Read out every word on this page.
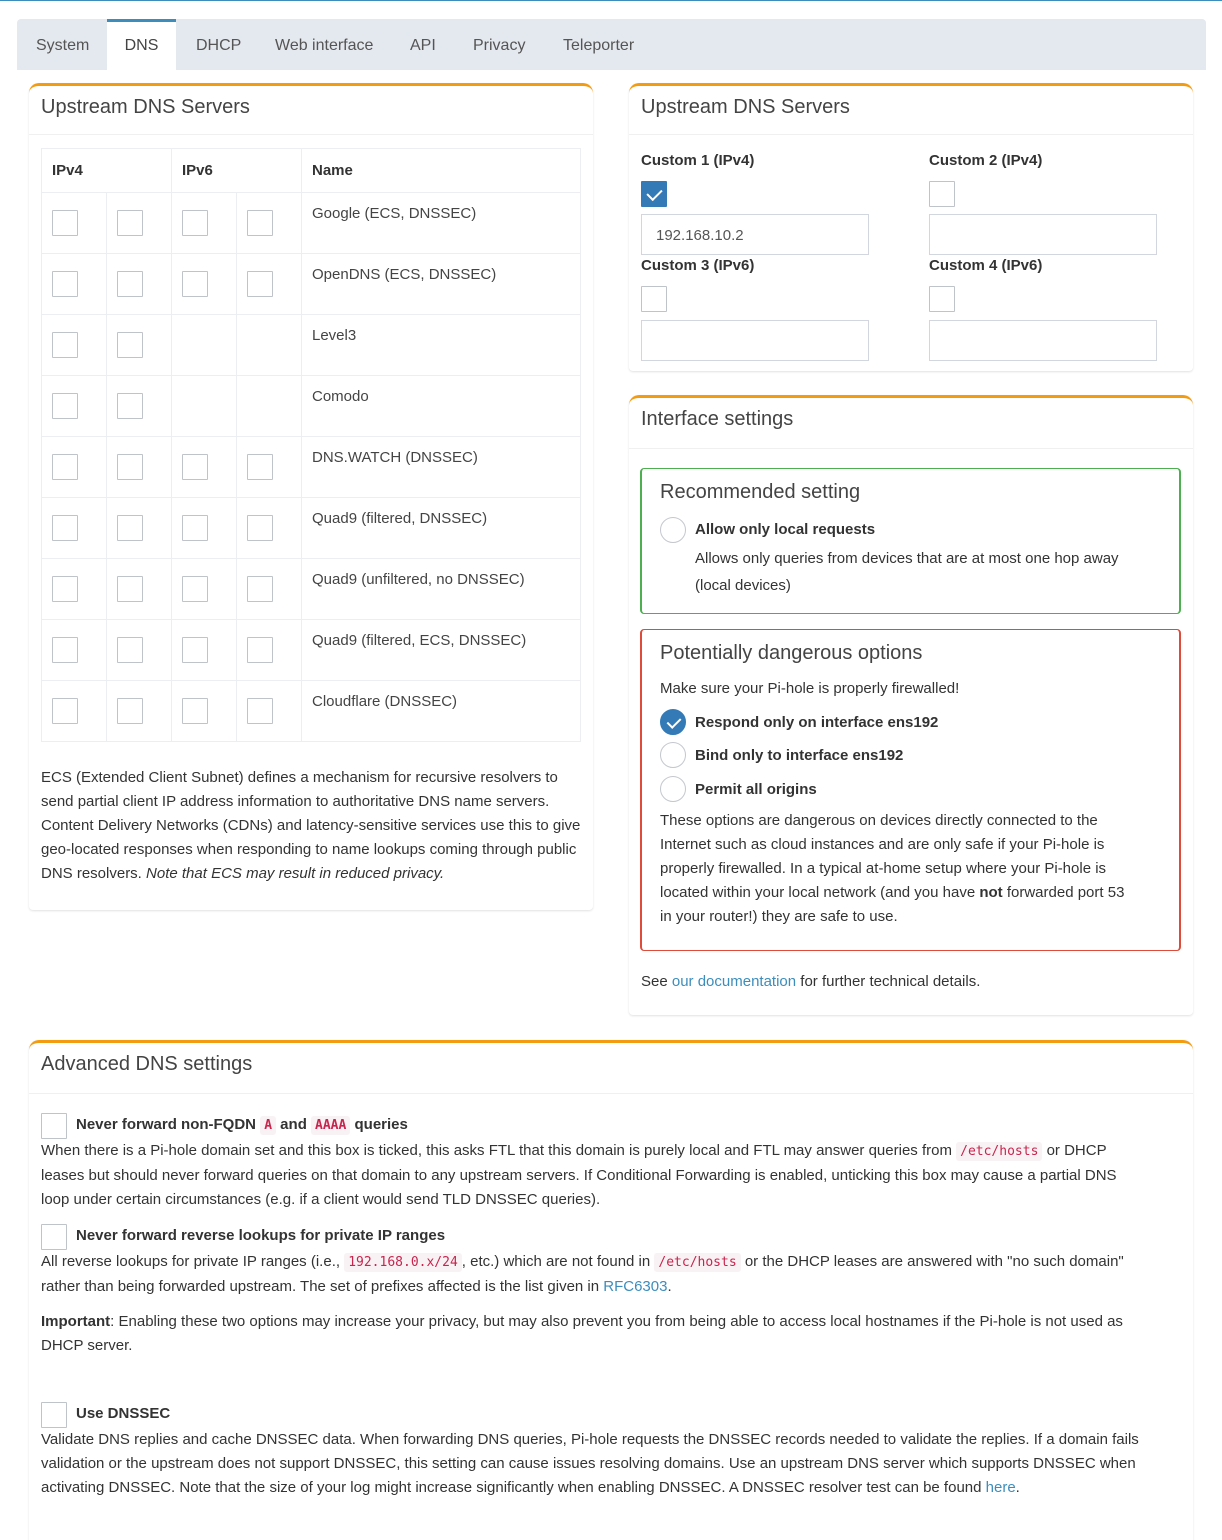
System	DNS	DHCP Web interface API Privacy Teleporter
Upstream DNS Servers
IPv4		IPv6		Name
				Google (ECS, DNSSEC)
				OpenDNS (ECS, DNSSEC)
				Level3
				Comodo
				DNS.WATCH (DNSSEC)
				Quad9 (filtered, DNSSEC)
				Quad9 (unfiltered, no DNSSEC)
				Quad9 (filtered, ECS, DNSSEC)
				Cloudflare (DNSSEC)
ECS (Extended Client Subnet) defines a mechanism for recursive resolvers to send partial client IP address information to authoritative DNS name servers. Content Delivery Networks (CDNs) and latency-sensitive services use this to give geo-located responses when responding to name lookups coming through public DNS resolvers. Note that ECS may result in reduced privacy.
Upstream DNS Servers
Custom 1 (IPv4)
192.168.10.2
Custom 2 (IPv4)
Custom 3 (IPv6)	Custom 4 (IPv6)
Interface settings
Recommended setting
Allow only local requests
Allows only queries from devices that are at most one hop away
(local devices)
Potentially dangerous options
Make sure your Pi-hole is properly firewalled!
Respond only on interface ens192
Bind only to interface ens192
Permit all origins
These options are dangerous on devices directly connected to the
Internet such as cloud instances and are only safe if your Pi-hole is
properly firewalled. In a typical at-home setup where your Pi-hole is
located within your local network (and you have not forwarded port 53
in your router!) they are safe to use.
See our documentation for further technical details.
Advanced DNS settings
Never forward non-FQDN A and AAAA queries
When there is a Pi-hole domain set and this box is ticked, this asks FTL that this domain is purely local and FTL may answer queries from /etc/hosts or DHCP
leases but should never forward queries on that domain to any upstream servers. If Conditional Forwarding is enabled, unticking this box may cause a partial DNS
loop under certain circumstances (e.g. if a client would send TLD DNSSEC queries).
Never forward reverse lookups for private IP ranges
All reverse lookups for private IP ranges (i.e., 192.168.0.x/24 , etc.) which are not found in /etc/hosts or the DHCP leases are answered with "no such domain"
rather than being forwarded upstream. The set of prefixes affected is the list given in RFC6303.
Important: Enabling these two options may increase your privacy, but may also prevent you from being able to access local hostnames if the Pi-hole is not used as
DHCP server.
Use DNSSEC
Validate DNS replies and cache DNSSEC data. When forwarding DNS queries, Pi-hole requests the DNSSEC records needed to validate the replies. If a domain fails
validation or the upstream does not support DNSSEC, this setting can cause issues resolving domains. Use an upstream DNS server which supports DNSSEC when
activating DNSSEC. Note that the size of your log might increase significantly when enabling DNSSEC. A DNSSEC resolver test can be found here.
